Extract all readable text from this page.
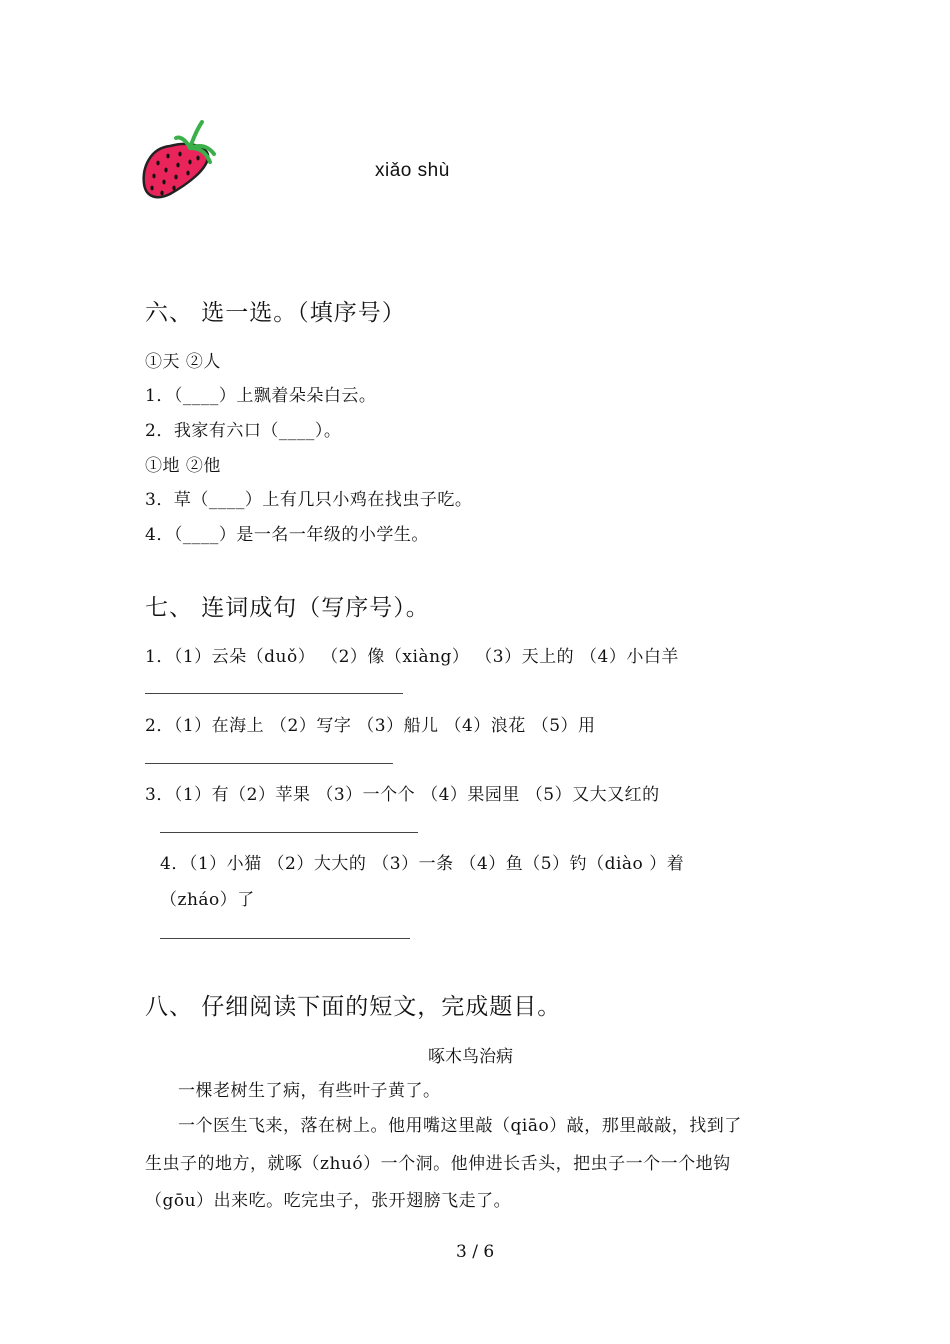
xiǎo shù
六、 选一选。（填序号）
①天 ②人
1．（____）上飘着朵朵白云。
2．我家有六口（____）。
①地 ②他
3．草（____）上有几只小鸡在找虫子吃。
4．（____）是一名一年级的小学生。
七、 连词成句（写序号）。
1．（1）云朵（duǒ） （2）像（xiàng） （3）天上的 （4）小白羊
2．（1）在海上 （2）写字 （3）船儿 （4）浪花 （5）用
3．（1）有（2）苹果 （3）一个个 （4）果园里 （5）又大又红的
4．（1）小猫 （2）大大的 （3）一条 （4）鱼（5）钓（diào ）着
（zháo）了
八、 仔细阅读下面的短文，完成题目。
啄木鸟治病
一棵老树生了病，有些叶子黄了。
一个医生飞来，落在树上。他用嘴这里敲（qiāo）敲，那里敲敲，找到了
生虫子的地方，就啄（zhuó）一个洞。他伸进长舌头，把虫子一个一个地钩
（gōu）出来吃。吃完虫子，张开翅膀飞走了。
3 / 6
